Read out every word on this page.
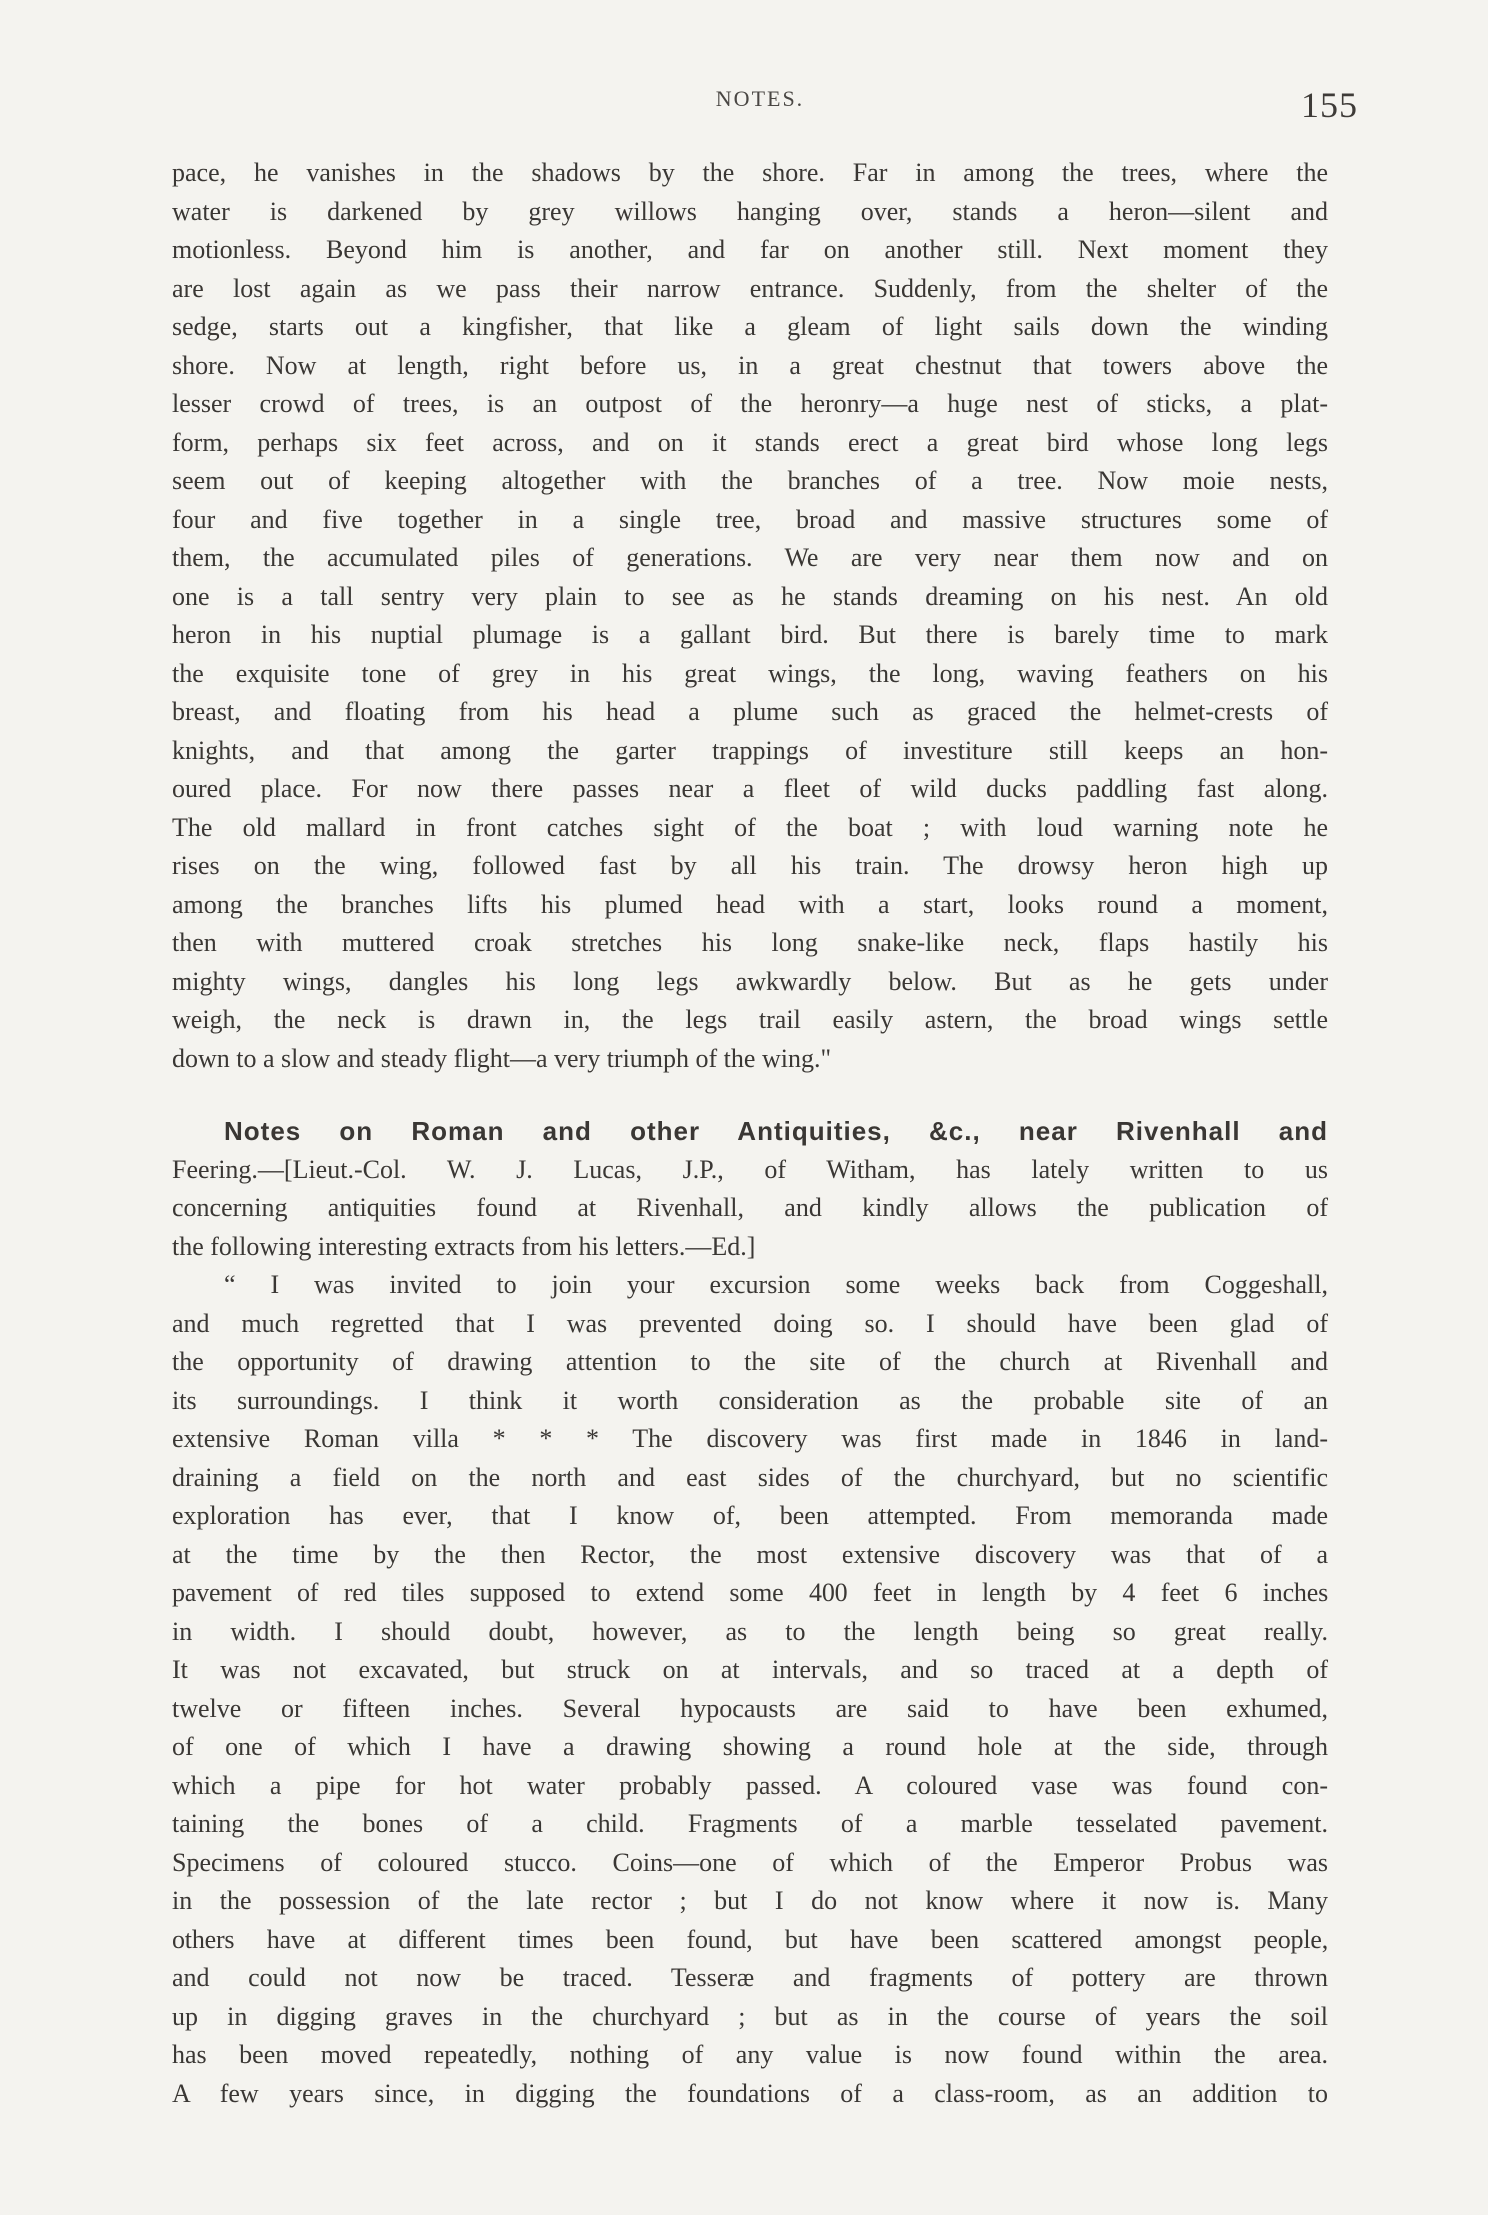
NOTES.	155
pace, he vanishes in the shadows by the shore. Far in among the trees, where the
water is darkened by grey willows hanging over, stands a heron—silent and
motionless. Beyond him is another, and far on another still. Next moment they
are lost again as we pass their narrow entrance. Suddenly, from the shelter of the
sedge, starts out a kingfisher, that like a gleam of light sails down the winding
shore. Now at length, right before us, in a great chestnut that towers above the
lesser crowd of trees, is an outpost of the heronry—a huge nest of sticks, a plat-
form, perhaps six feet across, and on it stands erect a great bird whose long legs
seem out of keeping altogether with the branches of a tree. Now moie nests,
four and five together in a single tree, broad and massive structures some of
them, the accumulated piles of generations. We are very near them now and on
one is a tall sentry very plain to see as he stands dreaming on his nest. An old
heron in his nuptial plumage is a gallant bird. But there is barely time to mark
the exquisite tone of grey in his great wings, the long, waving feathers on his
breast, and floating from his head a plume such as graced the helmet-crests of
knights, and that among the garter trappings of investiture still keeps an hon-
oured place. For now there passes near a fleet of wild ducks paddling fast along.
The old mallard in front catches sight of the boat ; with loud warning note he
rises on the wing, followed fast by all his train. The drowsy heron high up
among the branches lifts his plumed head with a start, looks round a moment,
then with muttered croak stretches his long snake-like neck, flaps hastily his
mighty wings, dangles his long legs awkwardly below. But as he gets under
weigh, the neck is drawn in, the legs trail easily astern, the broad wings settle
down to a slow and steady flight—a very triumph of the wing."
Notes on Roman and other Antiquities, &c., near Rivenhall and
Feering.—[Lieut.-Col. W. J. Lucas, J.P., of Witham, has lately written to us
concerning antiquities found at Rivenhall, and kindly allows the publication of
the following interesting extracts from his letters.—Ed.]
“ I was invited to join your excursion some weeks back from Coggeshall,
and much regretted that I was prevented doing so. I should have been glad of
the opportunity of drawing attention to the site of the church at Rivenhall and
its surroundings. I think it worth consideration as the probable site of an
extensive Roman villa * * * The discovery was first made in 1846 in land-
draining a field on the north and east sides of the churchyard, but no scientific
exploration has ever, that I know of, been attempted. From memoranda made
at the time by the then Rector, the most extensive discovery was that of a
pavement of red tiles supposed to extend some 400 feet in length by 4 feet 6 inches
in width. I should doubt, however, as to the length being so great really.
It was not excavated, but struck on at intervals, and so traced at a depth of
twelve or fifteen inches. Several hypocausts are said to have been exhumed,
of one of which I have a drawing showing a round hole at the side, through
which a pipe for hot water probably passed. A coloured vase was found con-
taining the bones of a child. Fragments of a marble tesselated pavement.
Specimens of coloured stucco. Coins—one of which of the Emperor Probus was
in the possession of the late rector ; but I do not know where it now is. Many
others have at different times been found, but have been scattered amongst people,
and could not now be traced. Tesseræ and fragments of pottery are thrown
up in digging graves in the churchyard ; but as in the course of years the soil
has been moved repeatedly, nothing of any value is now found within the area.
A few years since, in digging the foundations of a class-room, as an addition to
